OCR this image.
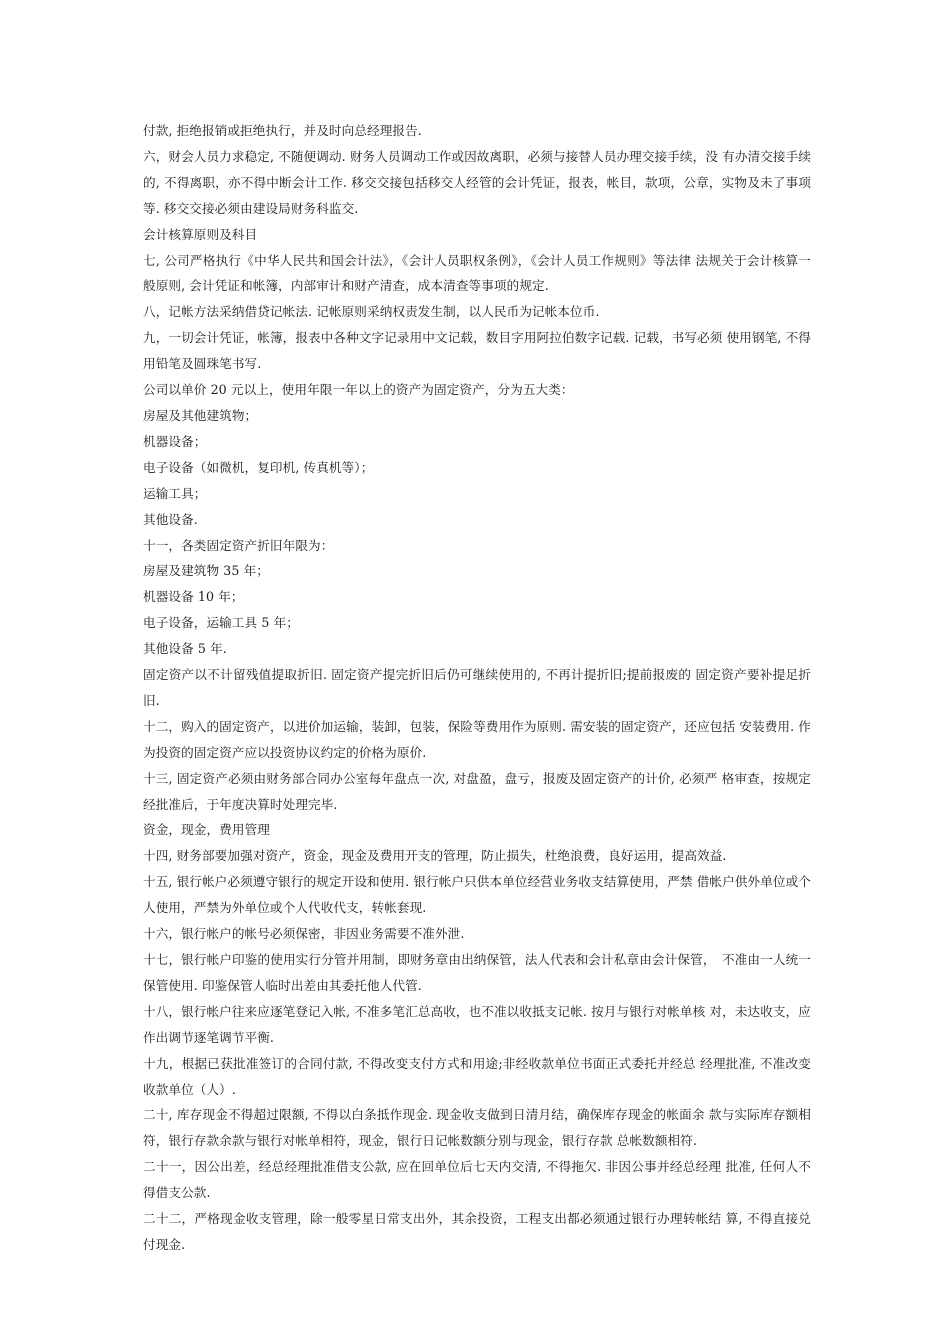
付款, 拒绝报销或拒绝执行，并及时向总经理报告.

六，财会人员力求稳定, 不随便调动. 财务人员调动工作或因故离职，必须与接替人员办理交接手续，没 有办清交接手续的, 不得离职，亦不得中断会计工作. 移交交接包括移交人经管的会计凭证，报表，帐目，款项，公章，实物及未了事项等. 移交交接必须由建设局财务科监交.

会计核算原则及科目

七, 公司严格执行《中华人民共和国会计法》，《会计人员职权条例》，《会计人员工作规则》等法律 法规关于会计核算一般原则, 会计凭证和帐簿，内部审计和财产清查，成本清查等事项的规定.

八，记帐方法采纳借贷记帐法. 记帐原则采纳权责发生制，以人民币为记帐本位币.

九，一切会计凭证，帐簿，报表中各种文字记录用中文记载，数目字用阿拉伯数字记载. 记载，书写必须 使用钢笔, 不得用铅笔及圆珠笔书写.

公司以单价 20 元以上，使用年限一年以上的资产为固定资产，分为五大类：

房屋及其他建筑物；

机器设备；

电子设备（如微机，复印机, 传真机等）；

运输工具；

其他设备.

十一，各类固定资产折旧年限为：

房屋及建筑物 35 年；

机器设备 10 年；

电子设备，运输工具 5 年；

其他设备 5 年.

固定资产以不计留残值提取折旧. 固定资产提完折旧后仍可继续使用的, 不再计提折旧;提前报废的 固定资产要补提足折旧.

十二，购入的固定资产，以进价加运输，装卸，包装，保险等费用作为原则. 需安装的固定资产，还应包括 安装费用. 作为投资的固定资产应以投资协议约定的价格为原价.

十三, 固定资产必须由财务部合同办公室每年盘点一次, 对盘盈，盘亏，报废及固定资产的计价, 必须严 格审查，按规定经批准后，于年度决算时处理完毕.

资金，现金，费用管理

十四, 财务部要加强对资产，资金，现金及费用开支的管理，防止损失，杜绝浪费，良好运用，提高效益.

十五, 银行帐户必须遵守银行的规定开设和使用. 银行帐户只供本单位经营业务收支结算使用，严禁 借帐户供外单位或个人使用，严禁为外单位或个人代收代支，转帐套现.

十六，银行帐户的帐号必须保密，非因业务需要不准外泄.

十七，银行帐户印鉴的使用实行分管并用制，即财务章由出纳保管，法人代表和会计私章由会计保管，　不准由一人统一保管使用. 印鉴保管人临时出差由其委托他人代管.

十八，银行帐户往来应逐笔登记入帐, 不准多笔汇总高收，也不准以收抵支记帐. 按月与银行对帐单核 对，未达收支，应作出调节逐笔调节平衡.

十九，根据已获批准签订的合同付款, 不得改变支付方式和用途;非经收款单位书面正式委托并经总 经理批准, 不准改变收款单位（人）.

二十, 库存现金不得超过限额, 不得以白条抵作现金. 现金收支做到日清月结，确保库存现金的帐面余 款与实际库存额相符，银行存款余款与银行对帐单相符，现金，银行日记帐数额分别与现金，银行存款 总帐数额相符.

二十一，因公出差，经总经理批准借支公款, 应在回单位后七天内交清, 不得拖欠. 非因公事并经总经理 批准, 任何人不得借支公款.

二十二，严格现金收支管理，除一般零星日常支出外，其余投资，工程支出都必须通过银行办理转帐结 算, 不得直接兑付现金.
